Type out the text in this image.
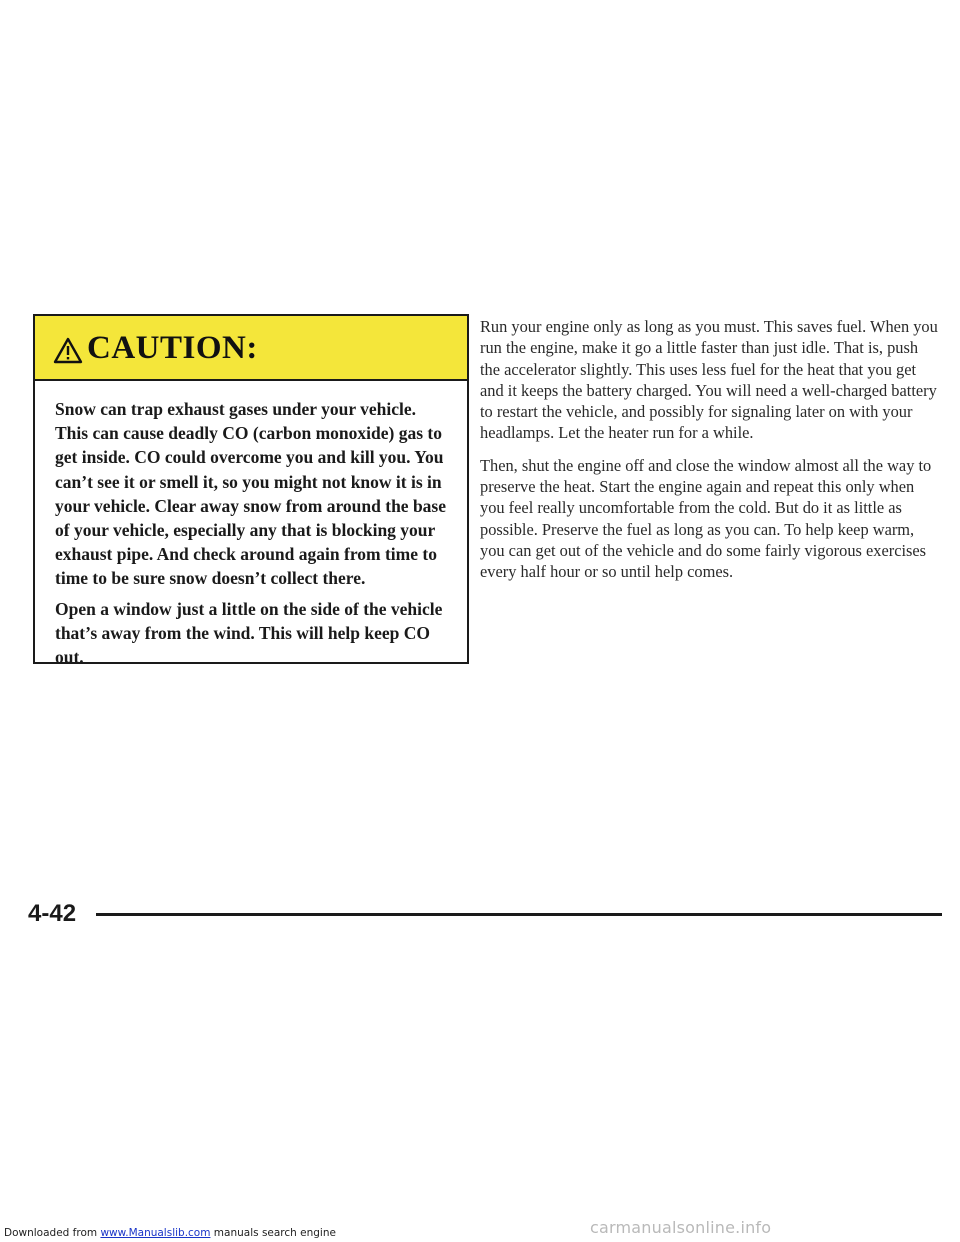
CAUTION:

Snow can trap exhaust gases under your vehicle. This can cause deadly CO (carbon monoxide) gas to get inside. CO could overcome you and kill you. You can’t see it or smell it, so you might not know it is in your vehicle. Clear away snow from around the base of your vehicle, especially any that is blocking your exhaust pipe. And check around again from time to time to be sure snow doesn’t collect there.

Open a window just a little on the side of the vehicle that’s away from the wind. This will help keep CO out.

Run your engine only as long as you must. This saves fuel. When you run the engine, make it go a little faster than just idle. That is, push the accelerator slightly. This uses less fuel for the heat that you get and it keeps the battery charged. You will need a well-charged battery to restart the vehicle, and possibly for signaling later on with your headlamps. Let the heater run for a while.

Then, shut the engine off and close the window almost all the way to preserve the heat. Start the engine again and repeat this only when you feel really uncomfortable from the cold. But do it as little as possible. Preserve the fuel as long as you can. To help keep warm, you can get out of the vehicle and do some fairly vigorous exercises every half hour or so until help comes.

4-42
Downloaded from www.Manualslib.com manuals search engine	carmanualsonline.info
